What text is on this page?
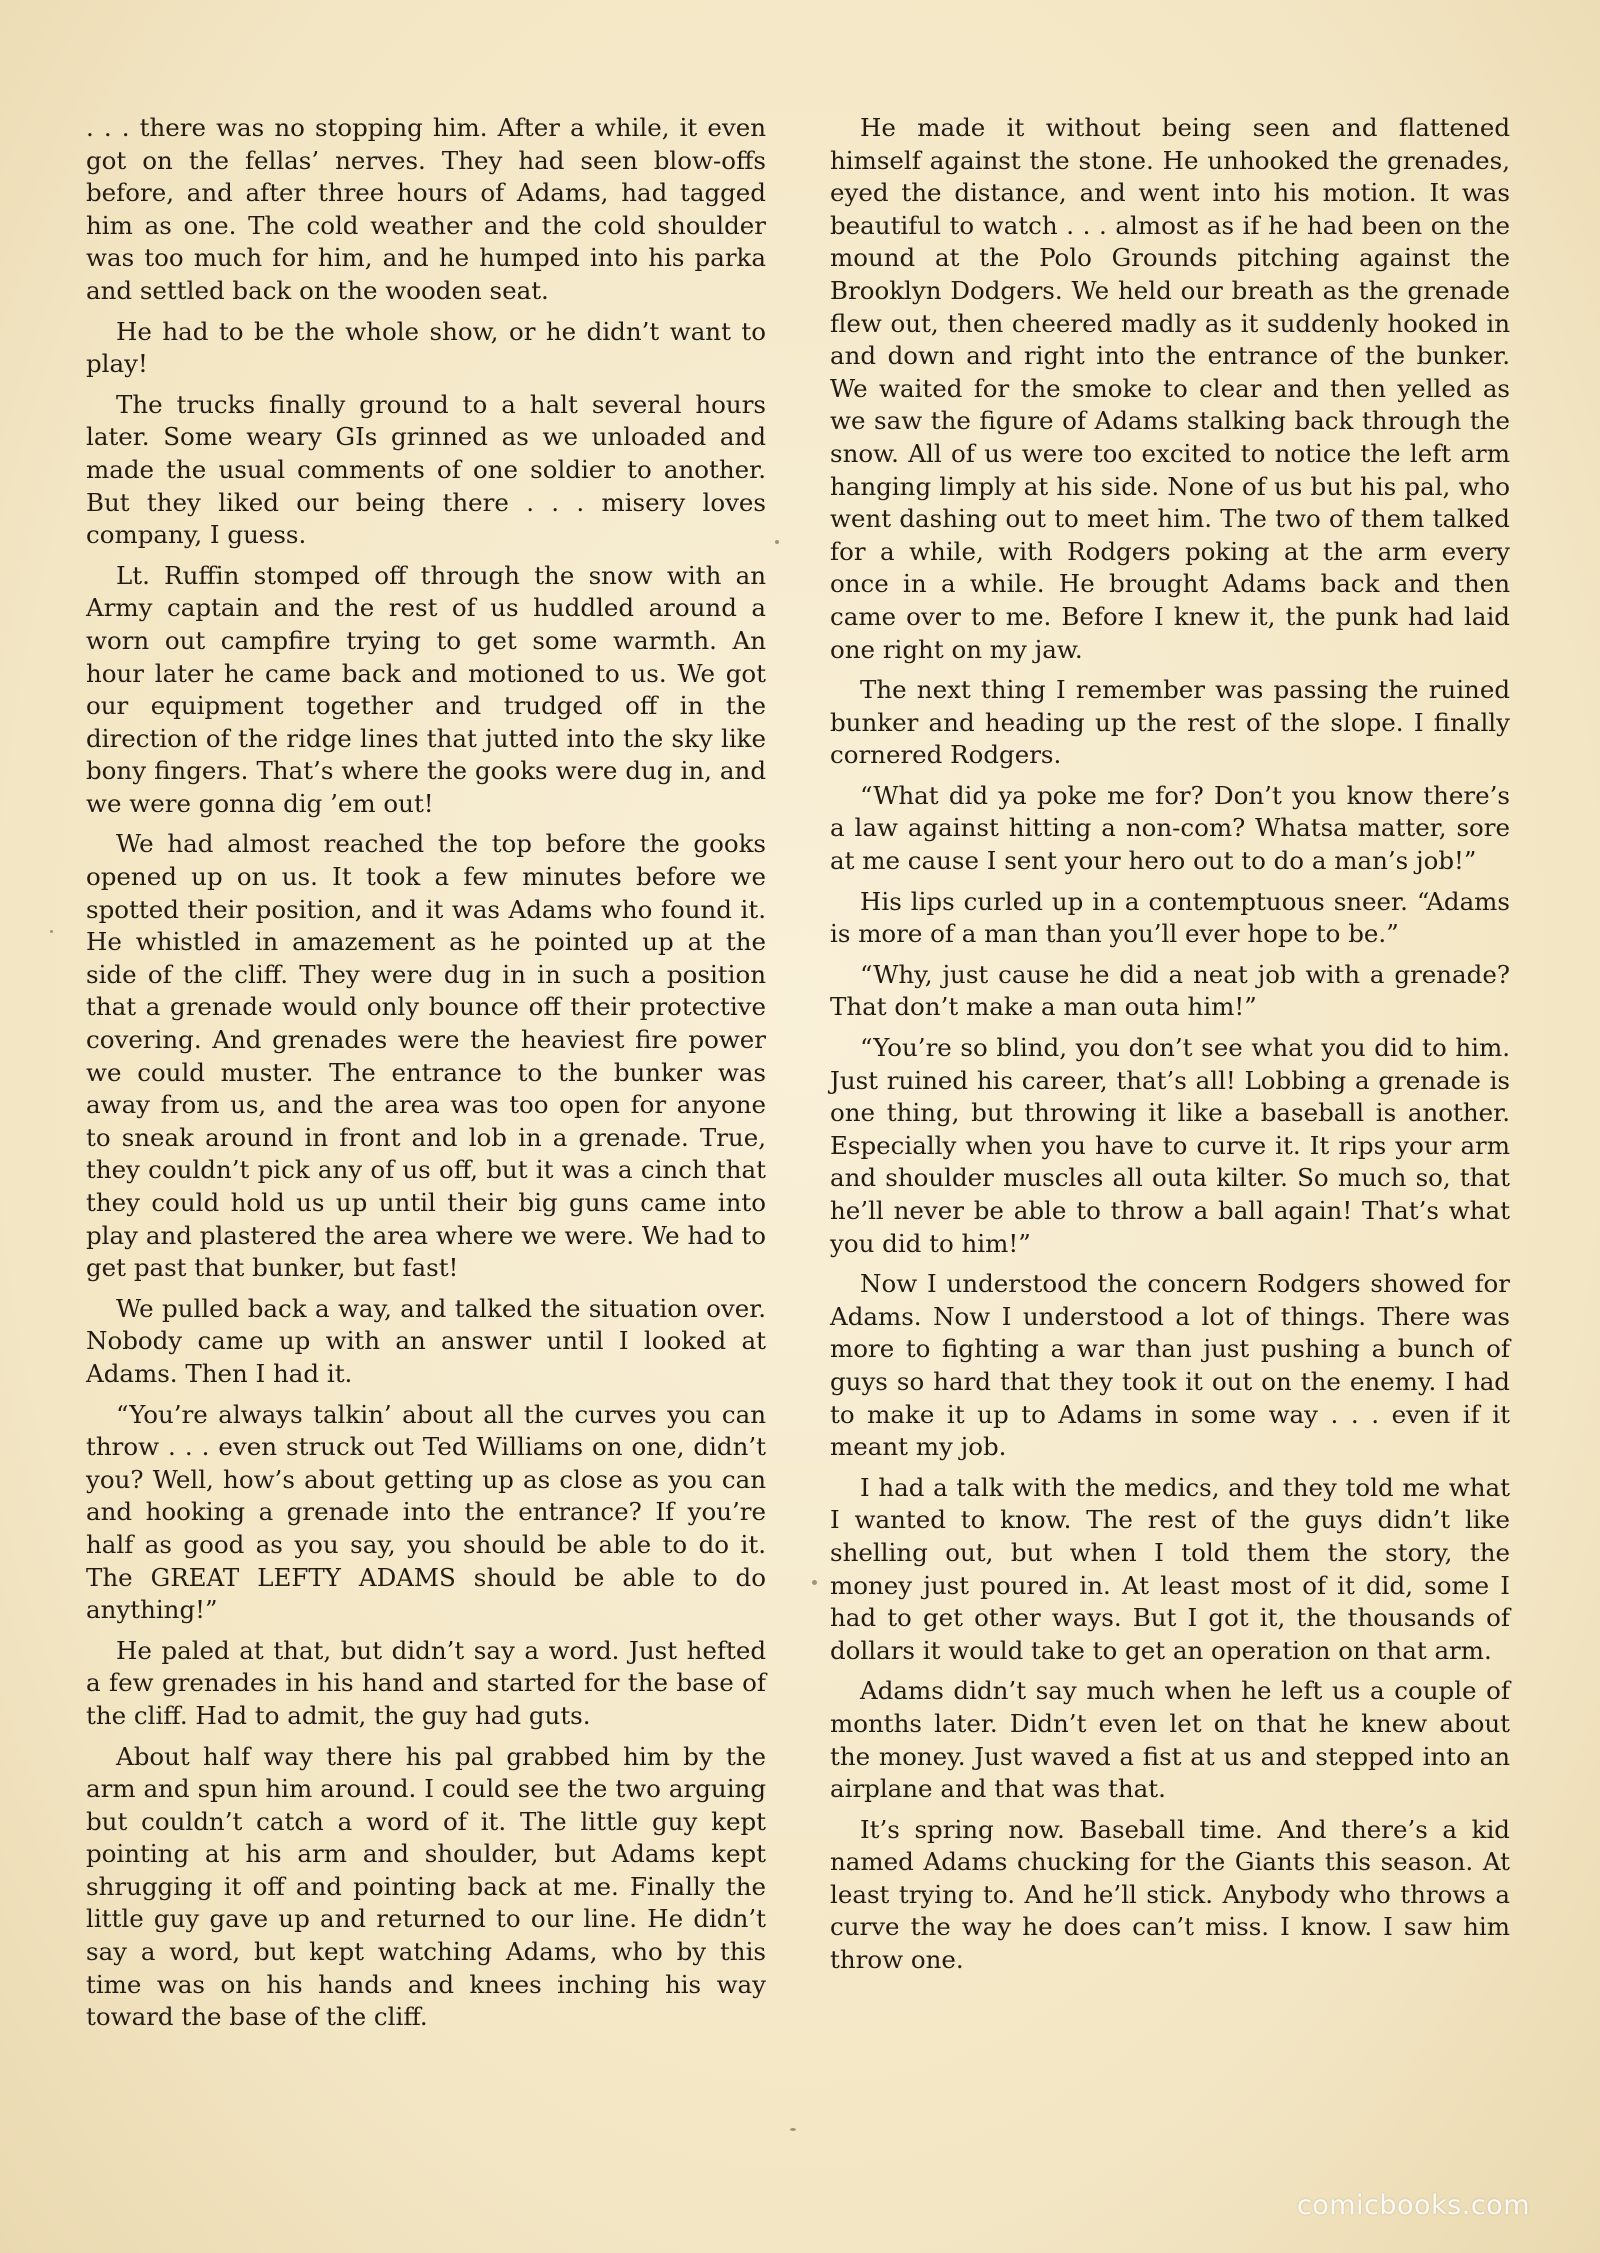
. . . there was no stopping him. After a while, it even got on the fellas’ nerves. They had seen blow-offs before, and after three hours of Adams, had tagged him as one. The cold weather and the cold shoulder was too much for him, and he humped into his parka and settled back on the wooden seat.

He had to be the whole show, or he didn’t want to play!

The trucks finally ground to a halt several hours later. Some weary GIs grinned as we unloaded and made the usual comments of one soldier to another. But they liked our being there . . . misery loves company, I guess.

Lt. Ruffin stomped off through the snow with an Army captain and the rest of us huddled around a worn out campfire trying to get some warmth. An hour later he came back and motioned to us. We got our equipment together and trudged off in the direction of the ridge lines that jutted into the sky like bony fingers. That’s where the gooks were dug in, and we were gonna dig ’em out!

We had almost reached the top before the gooks opened up on us. It took a few minutes before we spotted their position, and it was Adams who found it. He whistled in amazement as he pointed up at the side of the cliff. They were dug in in such a position that a grenade would only bounce off their protective covering. And grenades were the heaviest fire power we could muster. The entrance to the bunker was away from us, and the area was too open for anyone to sneak around in front and lob in a grenade. True, they couldn’t pick any of us off, but it was a cinch that they could hold us up until their big guns came into play and plastered the area where we were. We had to get past that bunker, but fast!

We pulled back a way, and talked the situation over. Nobody came up with an answer until I looked at Adams. Then I had it.

“You’re always talkin’ about all the curves you can throw . . . even struck out Ted Williams on one, didn’t you? Well, how’s about getting up as close as you can and hooking a grenade into the entrance? If you’re half as good as you say, you should be able to do it. The GREAT LEFTY ADAMS should be able to do anything!”

He paled at that, but didn’t say a word. Just hefted a few grenades in his hand and started for the base of the cliff. Had to admit, the guy had guts.

About half way there his pal grabbed him by the arm and spun him around. I could see the two arguing but couldn’t catch a word of it. The little guy kept pointing at his arm and shoulder, but Adams kept shrugging it off and pointing back at me. Finally the little guy gave up and returned to our line. He didn’t say a word, but kept watching Adams, who by this time was on his hands and knees inching his way toward the base of the cliff.

He made it without being seen and flattened himself against the stone. He unhooked the grenades, eyed the distance, and went into his motion. It was beautiful to watch . . . almost as if he had been on the mound at the Polo Grounds pitching against the Brooklyn Dodgers. We held our breath as the grenade flew out, then cheered madly as it suddenly hooked in and down and right into the entrance of the bunker. We waited for the smoke to clear and then yelled as we saw the figure of Adams stalking back through the snow. All of us were too excited to notice the left arm hanging limply at his side. None of us but his pal, who went dashing out to meet him. The two of them talked for a while, with Rodgers poking at the arm every once in a while. He brought Adams back and then came over to me. Before I knew it, the punk had laid one right on my jaw.

The next thing I remember was passing the ruined bunker and heading up the rest of the slope. I finally cornered Rodgers.

“What did ya poke me for? Don’t you know there’s a law against hitting a non-com? Whatsa matter, sore at me cause I sent your hero out to do a man’s job!”

His lips curled up in a contemptuous sneer. “Adams is more of a man than you’ll ever hope to be.”

“Why, just cause he did a neat job with a grenade? That don’t make a man outa him!”

“You’re so blind, you don’t see what you did to him. Just ruined his career, that’s all! Lobbing a grenade is one thing, but throwing it like a baseball is another. Especially when you have to curve it. It rips your arm and shoulder muscles all outa kilter. So much so, that he’ll never be able to throw a ball again! That’s what you did to him!”

Now I understood the concern Rodgers showed for Adams. Now I understood a lot of things. There was more to fighting a war than just pushing a bunch of guys so hard that they took it out on the enemy. I had to make it up to Adams in some way . . . even if it meant my job.

I had a talk with the medics, and they told me what I wanted to know. The rest of the guys didn’t like shelling out, but when I told them the story, the money just poured in. At least most of it did, some I had to get other ways. But I got it, the thousands of dollars it would take to get an operation on that arm.

Adams didn’t say much when he left us a couple of months later. Didn’t even let on that he knew about the money. Just waved a fist at us and stepped into an airplane and that was that.

It’s spring now. Baseball time. And there’s a kid named Adams chucking for the Giants this season. At least trying to. And he’ll stick. Anybody who throws a curve the way he does can’t miss. I know. I saw him throw one.

comicbooks.com
